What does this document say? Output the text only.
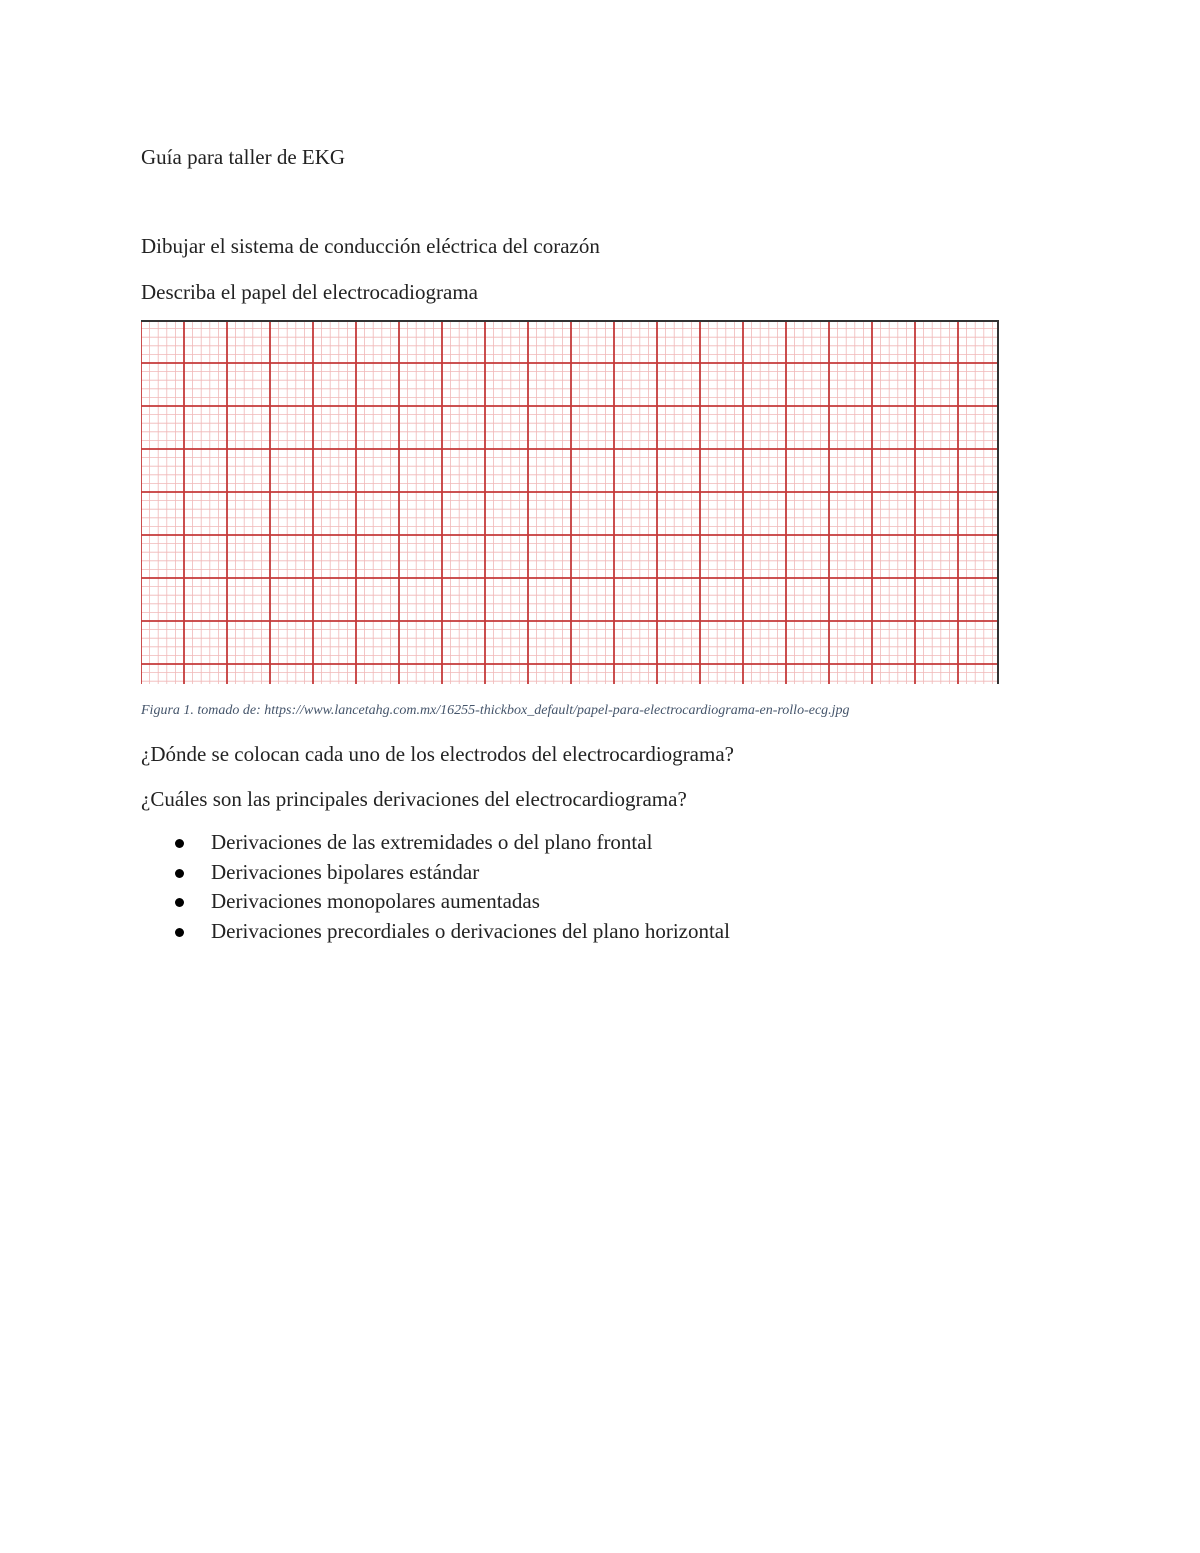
Guía para taller de EKG
Dibujar el sistema de conducción eléctrica del corazón
Describa el papel del electrocadiograma
Figura 1. tomado de: https://www.lancetahg.com.mx/16255-thickbox_default/papel-para-electrocardiograma-en-rollo-ecg.jpg
¿Dónde se colocan cada uno de los electrodos del electrocardiograma?
¿Cuáles son las principales derivaciones del electrocardiograma?
Derivaciones de las extremidades o del plano frontal
Derivaciones bipolares estándar
Derivaciones monopolares aumentadas
Derivaciones precordiales o derivaciones del plano horizontal
